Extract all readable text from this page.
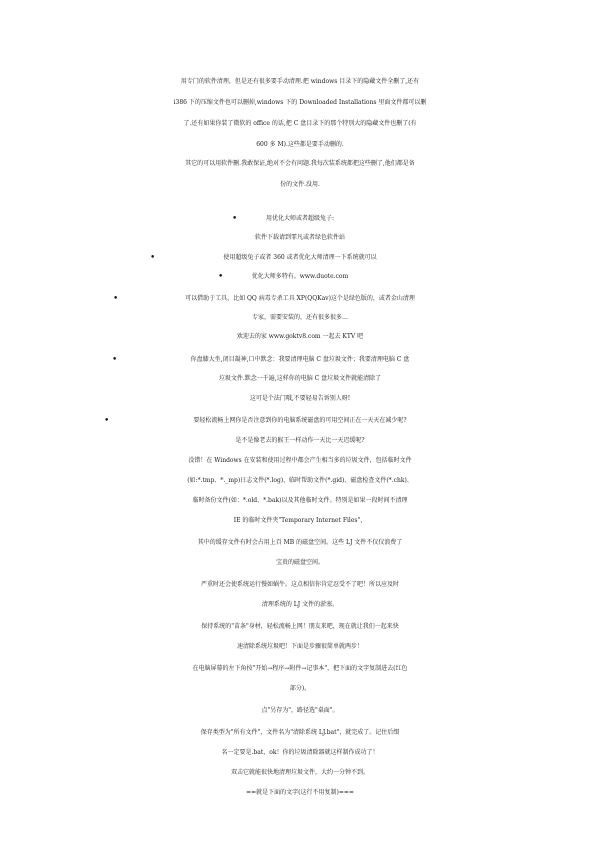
用专门的软件清理，但是还有很多要手动清理.把 windows 目录下的隐藏文件全删了,还有
i386 下的压缩文件也可以删掉,windows 下的 Downloaded Installations 里面文件都可以删
了.还有如果你装了微软的 office 的话,把 C 盘目录下的那个特别大的隐藏文件也删了(有
600 多 M).这些都是要手动删的.
其它的可以用软件删.我敢保证,绝对不会有问题.我每次装系统都把这些删了,他们都是备
份的文件.没用.
•	用优化大师或者超级兔子:
软件下载请到霏凡或者绿色软件站
•	使用超级兔子或者 360 或者优化大师清理一下系统就可以
•	优化大师多特有。www.duote.com
•	可以借助于工具，比如 QQ 病毒专杀工具 XP(QQKav)这个是绿色版的，或者金山清理
专家，需要安装的，还有很多很多…
欢迎去的家 www.goktv8.com 一起去 KTV 吧
•	你盘膝大坐,闭目凝神,口中默念：我要清理电脑 C 盘垃圾文件；我要清理电脑 C 盘
垃圾文件.默念一千遍,这样你的电脑 C 盘垃圾文件就能清除了
这可是个法门哦,不要轻易告诉别人呀!
•	要轻松流畅上网你是否注意到你的电脑系统磁盘的可用空间正在一天天在减少呢?
是不是像老去的猴王一样动作一天比一天迟缓呢?
没错！在 Windows 在安装和使用过程中都会产生相当多的垃圾文件，包括临时文件
(如:*.tmp、*._mp)日志文件(*.log)、临时帮助文件(*.gid)、磁盘检查文件(*.chk)、
临时备份文件(如：*.old、*.bak)以及其他临时文件。特别是如果一段时间不清理
IE 的临时文件夹"Temporary Internet Files"，
其中的缓存文件有时会占用上百 MB 的磁盘空间。这些 LJ 文件不仅仅浪费了
宝贵的磁盘空间。
严重时还会使系统运行慢如蜗牛。这点相信你肯定忍受不了吧！所以应及时
清理系统的 LJ 文件的淤塞。
保持系统的"苗条"身材，轻松流畅上网！朋友来吧，现在就让我们一起来快
速清除系统垃圾吧！下面是步骤很简单就两步！
在电脑屏幕的左下角按"开始→程序→附件→记事本"，把下面的文字复制进去(红色
部分)。
点"另存为"，路径选"桌面"。
保存类型为"所有文件"，文件名为"清除系统 LJ.bat"，就完成了。记住后缀
名一定要是.bat，ok！你的垃圾清除器就这样制作成功了！
双击它就能很快地清理垃圾文件，大约一分钟不到。
==就是下面的文字(这行不用复制)===
